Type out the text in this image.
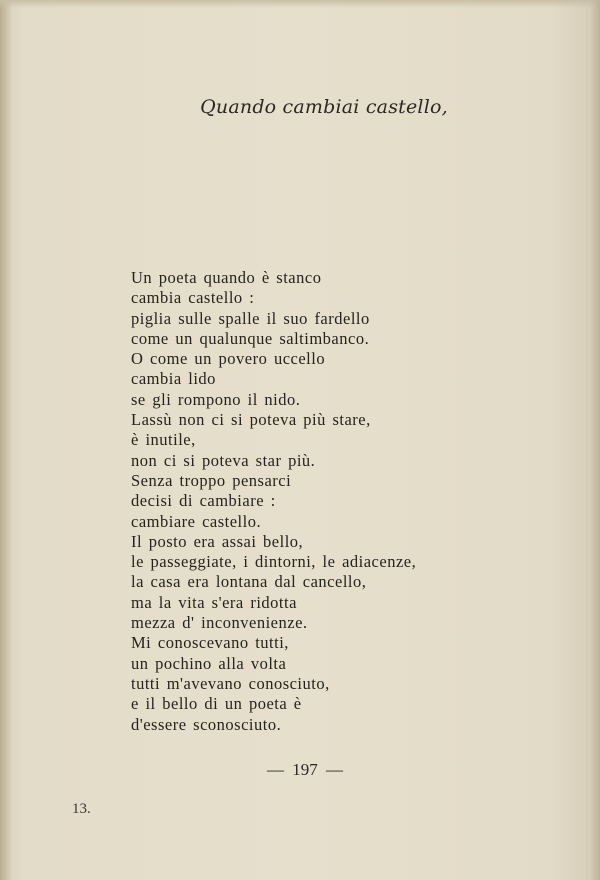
Quando cambiai castello,
Un poeta quando è stanco
cambia castello :
piglia sulle spalle il suo fardello
come un qualunque saltimbanco.
O come un povero uccello
cambia lido
se gli rompono il nido.
Lassù non ci si poteva più stare,
è inutile,
non ci si poteva star più.
Senza troppo pensarci
decisi di cambiare :
cambiare castello.
Il posto era assai bello,
le passeggiate, i dintorni, le adiacenze,
la casa era lontana dal cancello,
ma la vita s'era ridotta
mezza d' inconvenienze.
Mi conoscevano tutti,
un pochino alla volta
tutti m'avevano conosciuto,
e il bello di un poeta è
d'essere sconosciuto.
— 197 —
13.
